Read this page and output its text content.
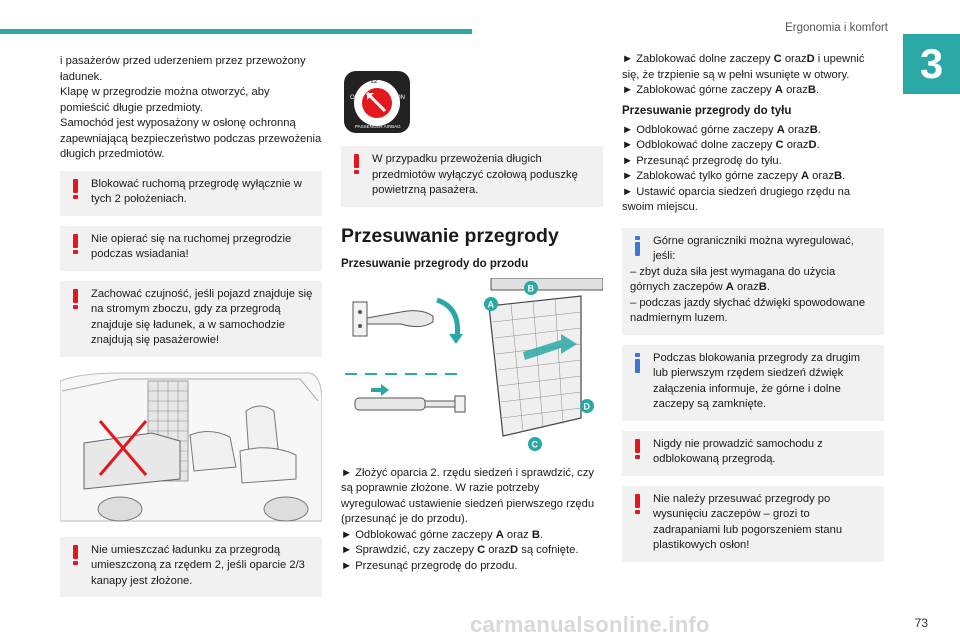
Ergonomia i komfort
3

i pasażerów przed uderzeniem przez przewożony ładunek.

Klapę w przegrodzie można otworzyć, aby pomieścić długie przedmioty.

Samochód jest wyposażony w osłonę ochronną zapewniającą bezpieczeństwo podczas przewożenia długich przedmiotów.

Blokować ruchomą przegrodę wyłącznie w tych 2 położeniach.
Nie opierać się na ruchomej przegrodzie podczas wsiadania!
Zachować czujność, jeśli pojazd znajduje się na stromym zboczu, gdy za przegrodą znajduje się ładunek, a w samochodzie znajdują się pasażerowie!
Nie umieszczać ładunku za przegrodą umieszczoną za rzędem 2, jeśli oparcie 2/3 kanapy jest złożone.
OFF	ON
12
PASSENGER AIRBAG
W przypadku przewożenia długich przedmiotów wyłączyć czołową poduszkę powietrzną pasażera.
Przesuwanie przegrody
Przesuwanie przegrody do przodu
A
B
D
C

► Złożyć oparcia 2. rzędu siedzeń i sprawdzić, czy są poprawnie złożone. W razie potrzeby wyregulować ustawienie siedzeń pierwszego rzędu (przesunąć je do przodu).

► Odblokować górne zaczepy A oraz B.

► Sprawdzić, czy zaczepy C orazD są cofnięte.

► Przesunąć przegrodę do przodu.

► Zablokować dolne zaczepy C orazD i upewnić się, że trzpienie są w pełni wsunięte w otwory.

► Zablokować górne zaczepy A orazB.

Przesuwanie przegrody do tyłu

► Odblokować górne zaczepy A orazB.

► Odblokować dolne zaczepy C orazD.

► Przesunąć przegrodę do tyłu.

► Zablokować tylko górne zaczepy A orazB.

► Ustawić oparcia siedzeń drugiego rzędu na swoim miejscu.

Górne ograniczniki można wyregulować, jeśli:

– zbyt duża siła jest wymagana do użycia górnych zaczepów A orazB.

– podczas jazdy słychać dźwięki spowodowane nadmiernym luzem.

Podczas blokowania przegrody za drugim lub pierwszym rzędem siedzeń dźwięk załączenia informuje, że górne i dolne zaczepy są zamknięte.
Nigdy nie prowadzić samochodu z odblokowaną przegrodą.
Nie należy przesuwać przegrody po wysunięciu zaczepów – grozi to zadrapaniami lub pogorszeniem stanu plastikowych osłon!
carmanualsonline.info	73
